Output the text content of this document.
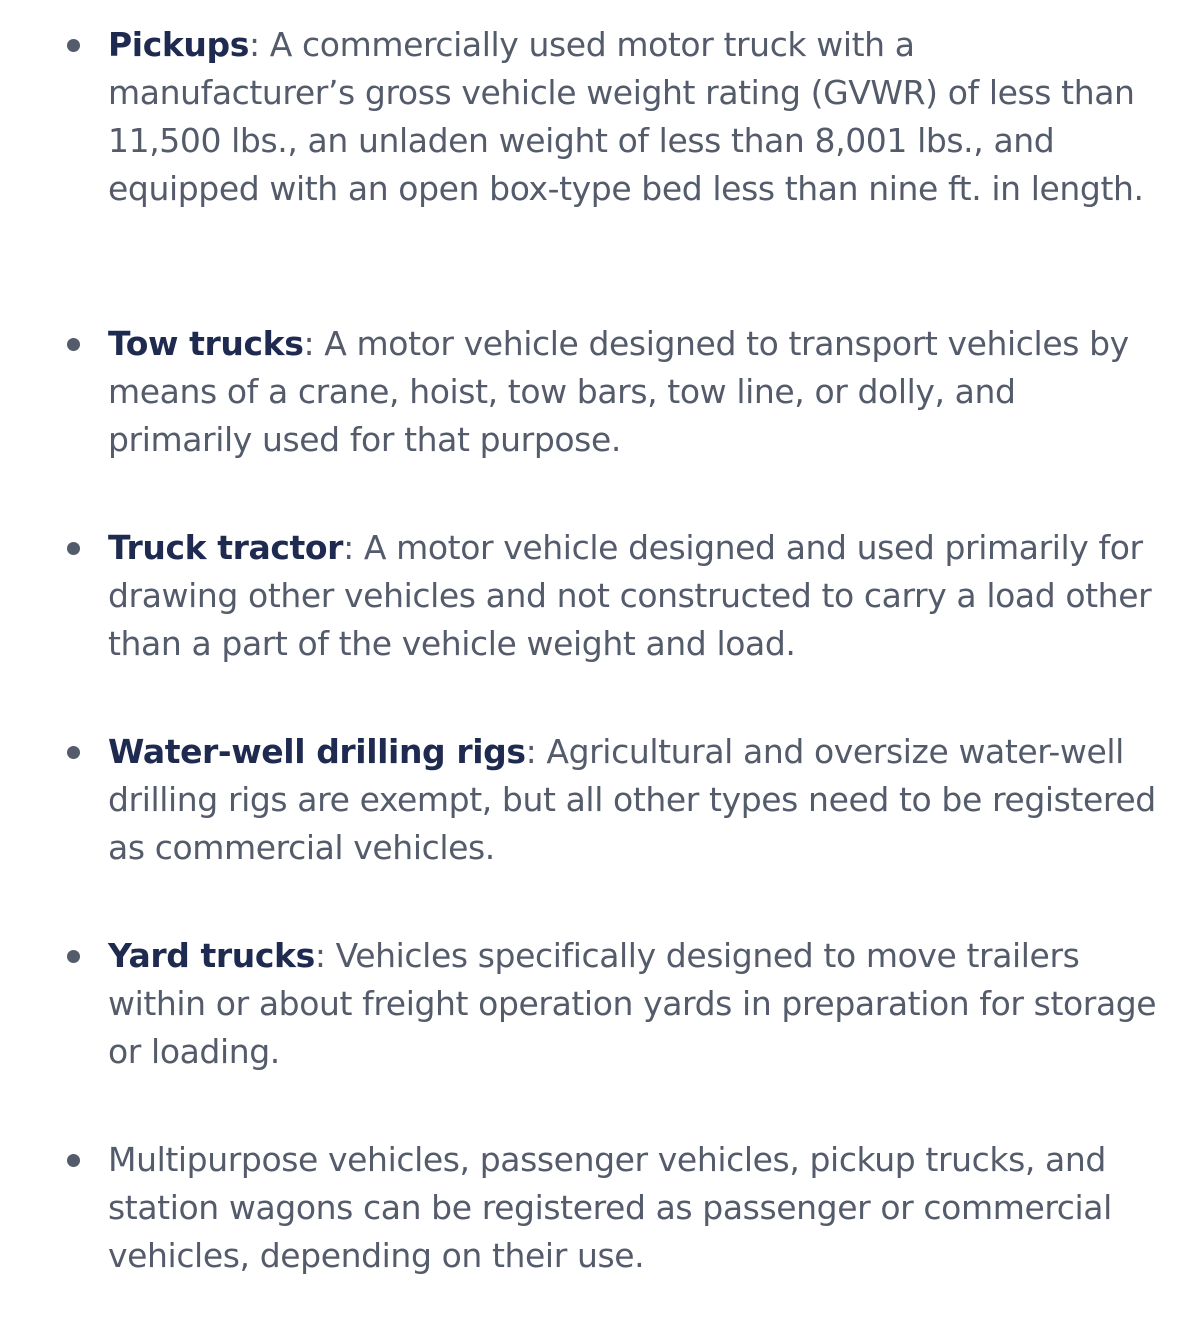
Pickups: A commercially used motor truck with a manufacturer’s gross vehicle weight rating (GVWR) of less than 11,500 lbs., an unladen weight of less than 8,001 lbs., and equipped with an open box-type bed less than nine ft. in length.
Tow trucks: A motor vehicle designed to transport vehicles by means of a crane, hoist, tow bars, tow line, or dolly, and primarily used for that purpose.
Truck tractor: A motor vehicle designed and used primarily for drawing other vehicles and not constructed to carry a load other than a part of the vehicle weight and load.
Water-well drilling rigs: Agricultural and oversize water-well drilling rigs are exempt, but all other types need to be registered as commercial vehicles.
Yard trucks: Vehicles specifically designed to move trailers within or about freight operation yards in preparation for storage or loading.
Multipurpose vehicles, passenger vehicles, pickup trucks, and station wagons can be registered as passenger or commercial vehicles, depending on their use.
